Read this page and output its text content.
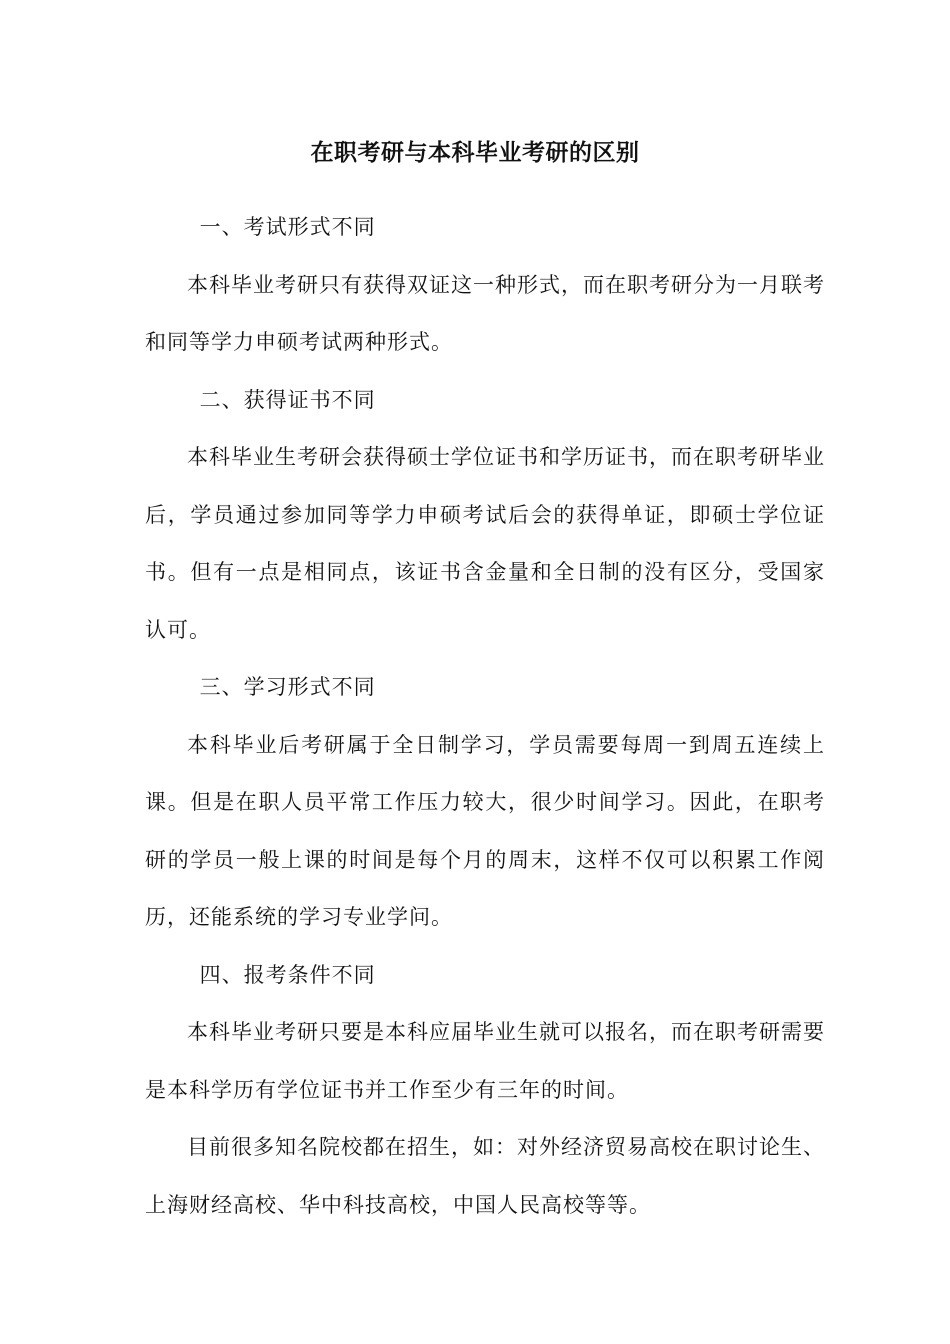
在职考研与本科毕业考研的区别

一、考试形式不同

本科毕业考研只有获得双证这一种形式，而在职考研分为一月联考和同等学力申硕考试两种形式。

二、获得证书不同

本科毕业生考研会获得硕士学位证书和学历证书，而在职考研毕业后，学员通过参加同等学力申硕考试后会的获得单证，即硕士学位证书。但有一点是相同点，该证书含金量和全日制的没有区分，受国家认可。

三、学习形式不同

本科毕业后考研属于全日制学习，学员需要每周一到周五连续上课。但是在职人员平常工作压力较大，很少时间学习。因此，在职考研的学员一般上课的时间是每个月的周末，这样不仅可以积累工作阅历，还能系统的学习专业学问。

四、报考条件不同

本科毕业考研只要是本科应届毕业生就可以报名，而在职考研需要是本科学历有学位证书并工作至少有三年的时间。

目前很多知名院校都在招生，如：对外经济贸易高校在职讨论生、上海财经高校、华中科技高校，中国人民高校等等。
